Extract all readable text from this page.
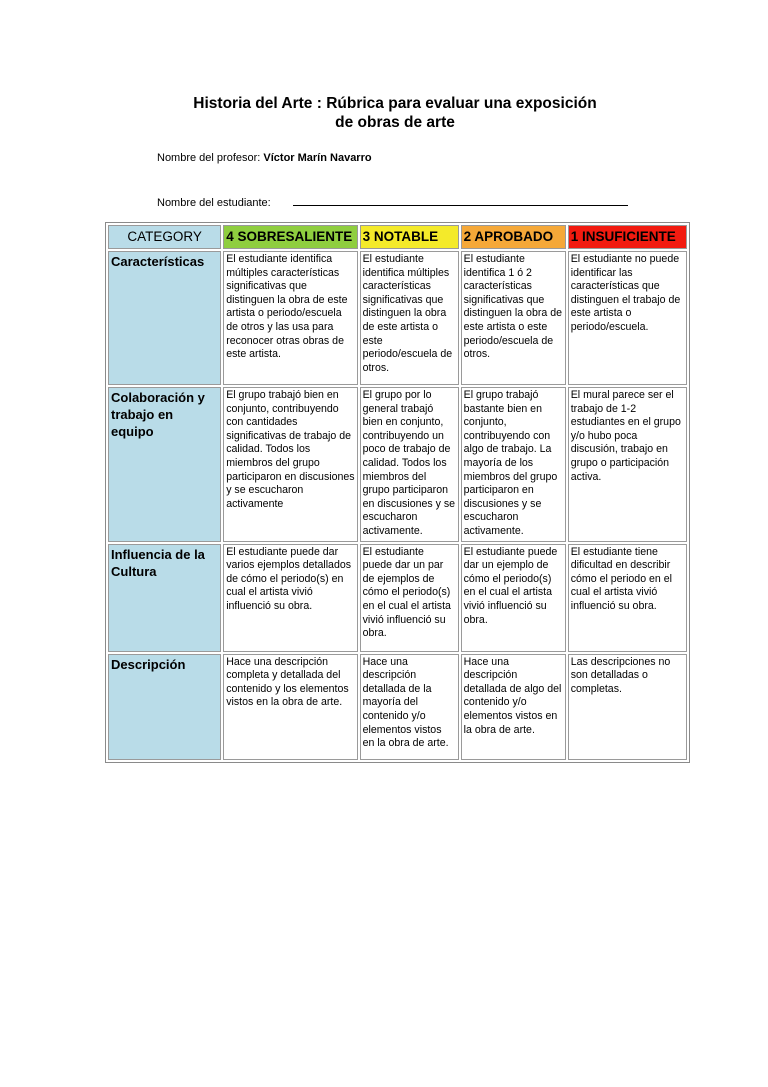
Historia del Arte : Rúbrica para evaluar una exposición
de obras de arte
Nombre del profesor: Víctor Marín Navarro
Nombre del estudiante:
CATEGORY	4 SOBRESALIENTE	3 NOTABLE	2 APROBADO	1 INSUFICIENTE
Características	El estudiante identifica múltiples características significativas que distinguen la obra de este artista o periodo/escuela de otros y las usa para reconocer otras obras de este artista.	El estudiante identifica múltiples características significativas que distinguen la obra de este artista o este periodo/escuela de otros.	El estudiante identifica 1 ó 2 características significativas que distinguen la obra de este artista o este periodo/escuela de otros.	El estudiante no puede identificar las características que distinguen el trabajo de este artista o periodo/escuela.
Colaboración y trabajo en equipo	El grupo trabajó bien en conjunto, contribuyendo con cantidades significativas de trabajo de calidad. Todos los miembros del grupo participaron en discusiones y se escucharon activamente	El grupo por lo general trabajó bien en conjunto, contribuyendo un poco de trabajo de calidad. Todos los miembros del grupo participaron en discusiones y se escucharon activamente.	El grupo trabajó bastante bien en conjunto, contribuyendo con algo de trabajo. La mayoría de los miembros del grupo participaron en discusiones y se escucharon activamente.	El mural parece ser el trabajo de 1-2 estudiantes en el grupo y/o hubo poca discusión, trabajo en grupo o participación activa.
Influencia de la Cultura	El estudiante puede dar varios ejemplos detallados de cómo el periodo(s) en cual el artista vivió influenció su obra.	El estudiante puede dar un par de ejemplos de cómo el periodo(s) en el cual el artista vivió influenció su obra.	El estudiante puede dar un ejemplo de cómo el periodo(s) en el cual el artista vivió influenció su obra.	El estudiante tiene dificultad en describir cómo el periodo en el cual el artista vivió influenció su obra.
Descripción	Hace una descripción completa y detallada del contenido y los elementos vistos en la obra de arte.	Hace una descripción detallada de la mayoría del contenido y/o elementos vistos en la obra de arte.	Hace una descripción detallada de algo del contenido y/o elementos vistos en la obra de arte.	Las descripciones no son detalladas o completas.
